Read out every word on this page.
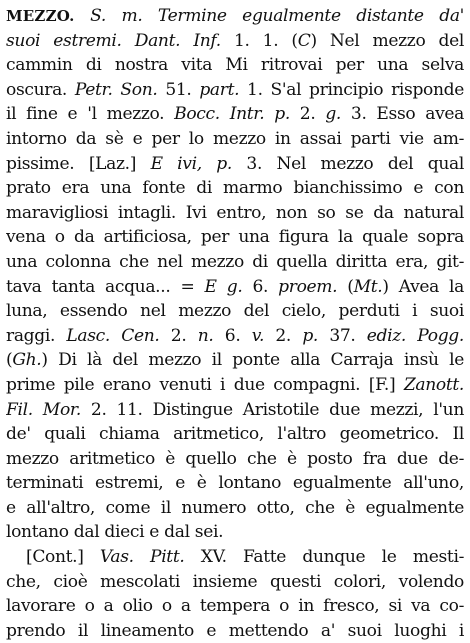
MEZZO. S. m. Termine egualmente distante da'
suoi estremi. Dant. Inf. 1. 1. (C) Nel mezzo del
cammin di nostra vita Mi ritrovai per una selva
oscura. Petr. Son. 51. part. 1. S'al principio risponde
il fine e 'l mezzo. Bocc. Intr. p. 2. g. 3. Esso avea
intorno da sè e per lo mezzo in assai parti vie am-
pissime. [Laz.] E ivi, p. 3. Nel mezzo del qual
prato era una fonte di marmo bianchissimo e con
maravigliosi intagli. Ivi entro, non so se da natural
vena o da artificiosa, per una figura la quale sopra
una colonna che nel mezzo di quella diritta era, git-
tava tanta acqua... = E g. 6. proem. (Mt.) Avea la
luna, essendo nel mezzo del cielo, perduti i suoi
raggi. Lasc. Cen. 2. n. 6. v. 2. p. 37. ediz. Pogg.
(Gh.) Di là del mezzo il ponte alla Carraja insù le
prime pile erano venuti i due compagni. [F.] Zanott.
Fil. Mor. 2. 11. Distingue Aristotile due mezzi, l'un
de' quali chiama aritmetico, l'altro geometrico. Il
mezzo aritmetico è quello che è posto fra due de-
terminati estremi, e è lontano egualmente all'uno,
e all'altro, come il numero otto, che è egualmente
lontano dal dieci e dal sei.
[Cont.] Vas. Pitt. XV. Fatte dunque le mesti-
che, cioè mescolati insieme questi colori, volendo
lavorare o a olio o a tempera o in fresco, si va co-
prendo il lineamento e mettendo a' suoi luoghi i
